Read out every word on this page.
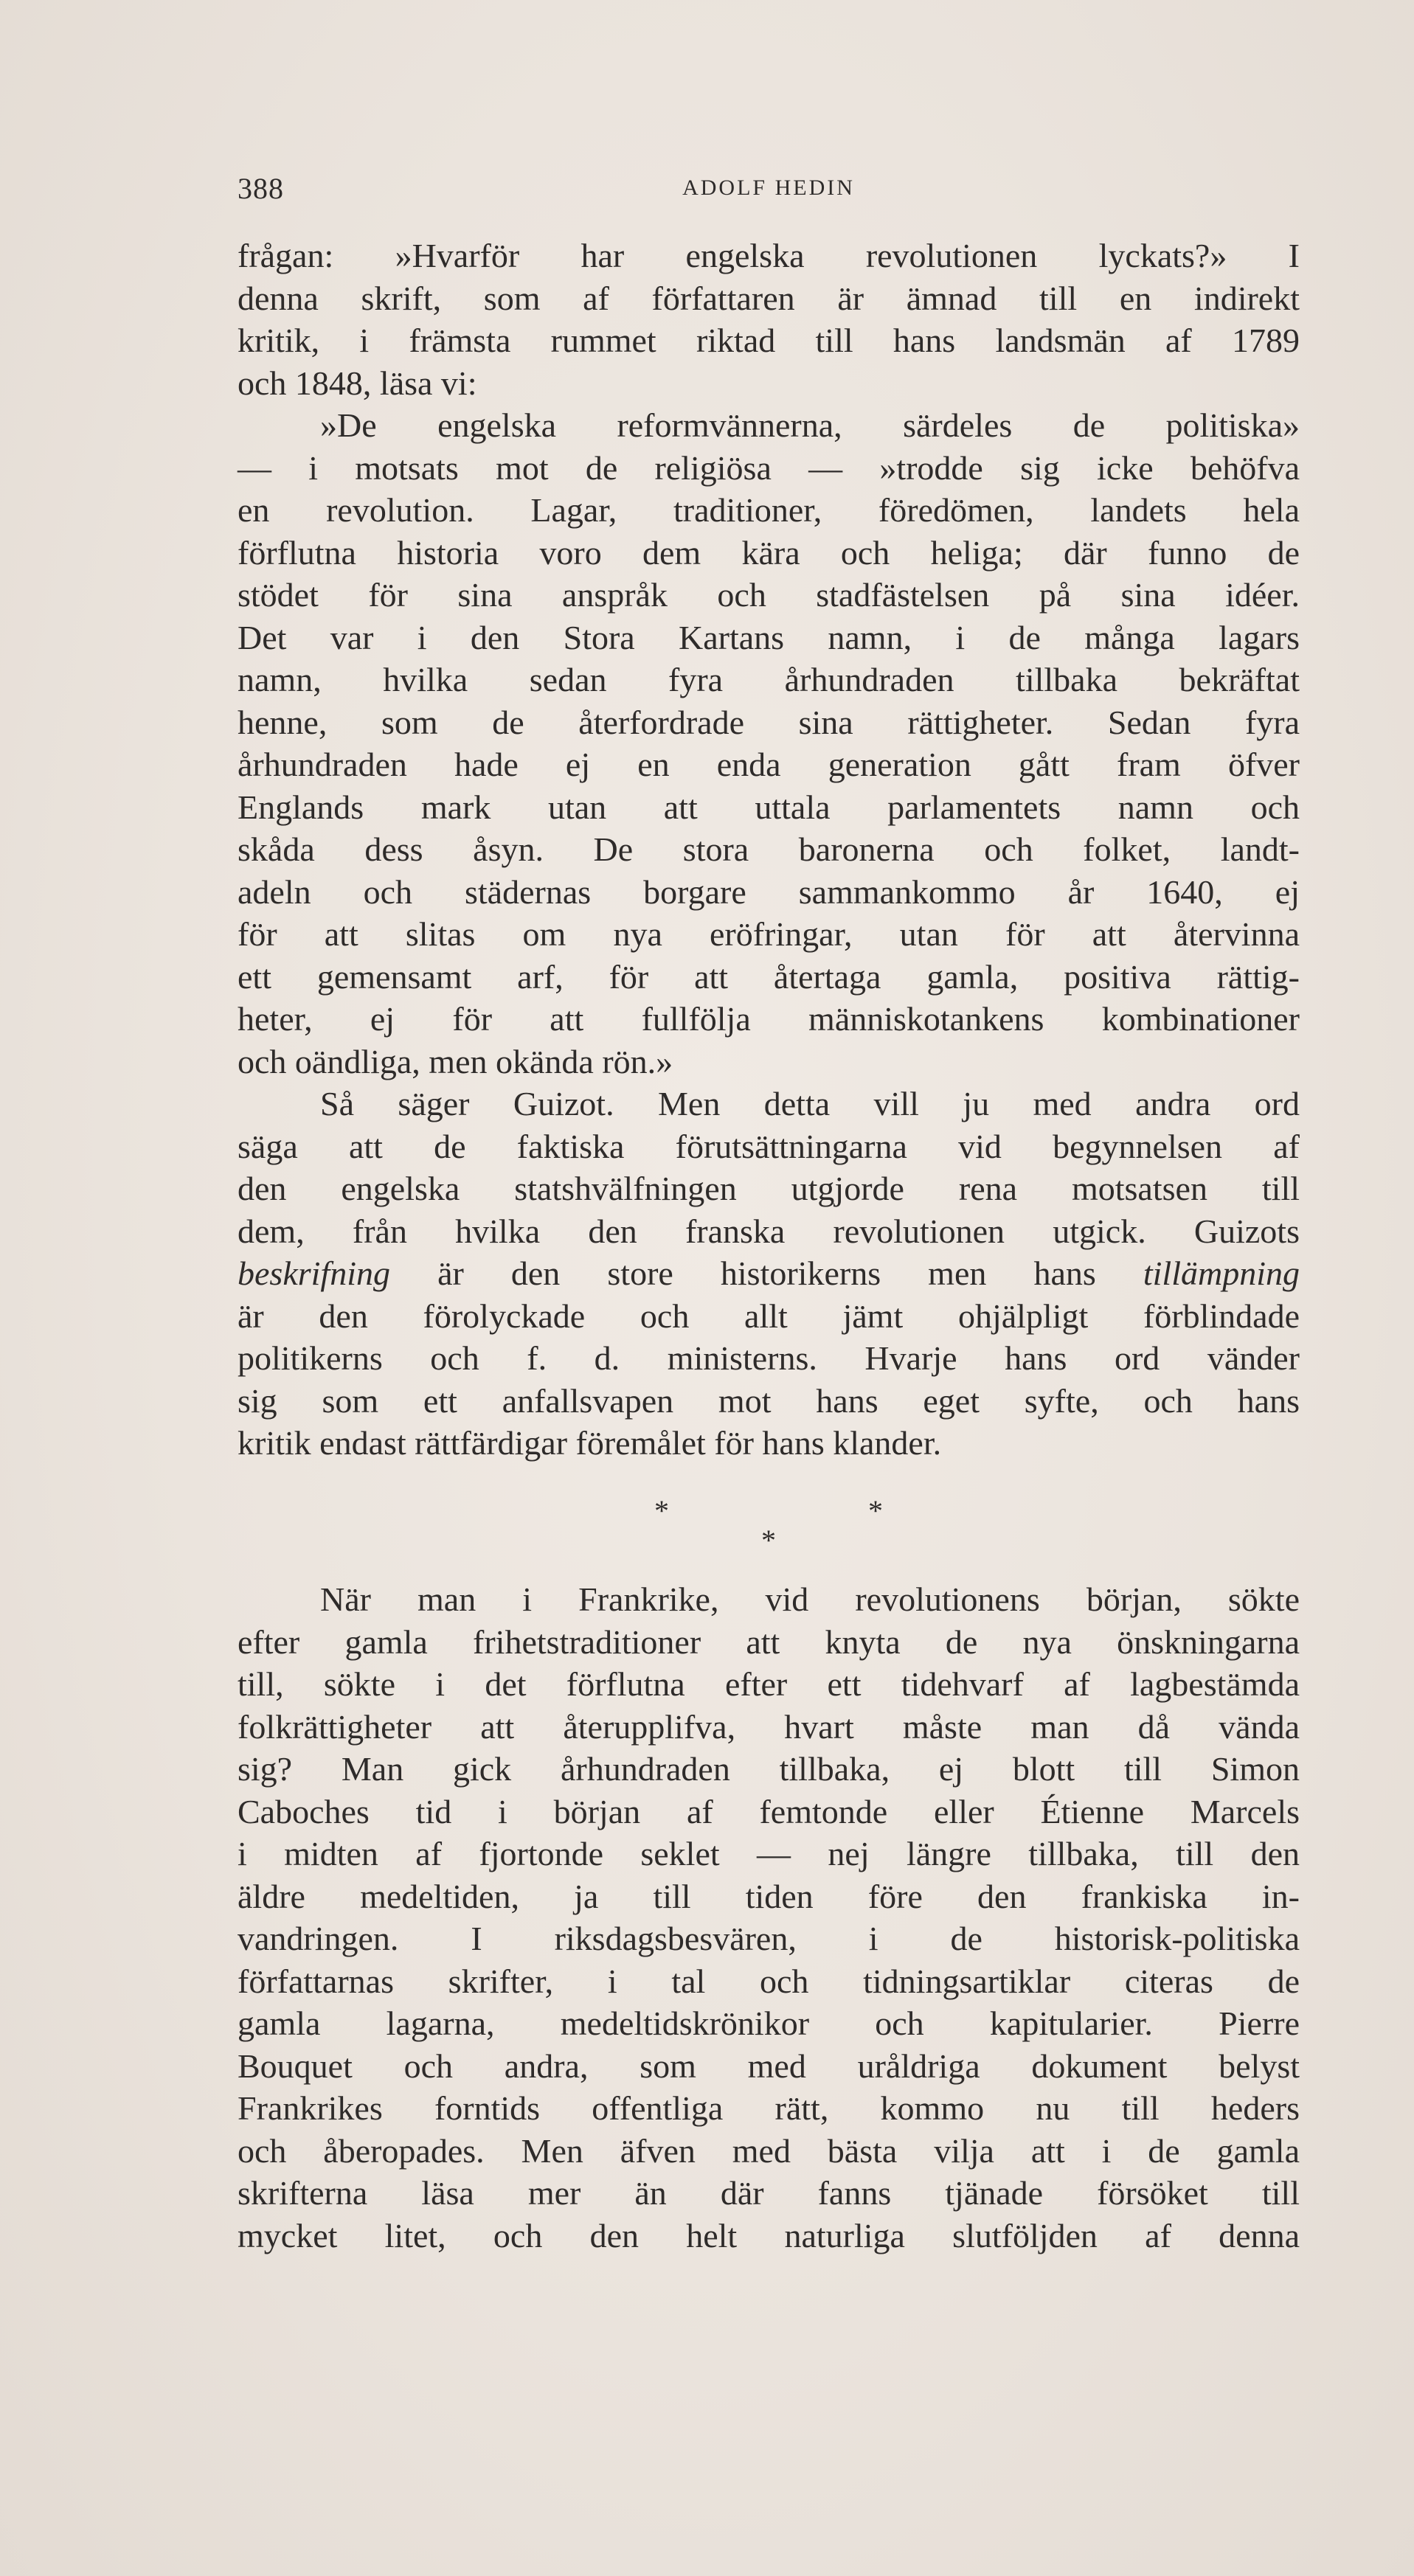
388	ADOLF HEDIN
frågan: »Hvarför har engelska revolutionen lyckats?» I
denna skrift, som af författaren är ämnad till en indirekt
kritik, i främsta rummet riktad till hans landsmän af 1789
och 1848, läsa vi:
»De engelska reformvännerna, särdeles de politiska»
— i motsats mot de religiösa — »trodde sig icke behöfva
en revolution. Lagar, traditioner, föredömen, landets hela
förflutna historia voro dem kära och heliga; där funno de
stödet för sina anspråk och stadfästelsen på sina idéer.
Det var i den Stora Kartans namn, i de många lagars
namn, hvilka sedan fyra århundraden tillbaka bekräftat
henne, som de återfordrade sina rättigheter. Sedan fyra
århundraden hade ej en enda generation gått fram öfver
Englands mark utan att uttala parlamentets namn och
skåda dess åsyn. De stora baronerna och folket, landt-
adeln och städernas borgare sammankommo år 1640, ej
för att slitas om nya eröfringar, utan för att återvinna
ett gemensamt arf, för att återtaga gamla, positiva rättig-
heter, ej för att fullfölja människotankens kombinationer
och oändliga, men okända rön.»
Så säger Guizot. Men detta vill ju med andra ord
säga att de faktiska förutsättningarna vid begynnelsen af
den engelska statshvälfningen utgjorde rena motsatsen till
dem, från hvilka den franska revolutionen utgick. Guizots
beskrifning är den store historikerns men hans tillämpning
är den förolyckade och allt jämt ohjälpligt förblindade
politikerns och f. d. ministerns. Hvarje hans ord vänder
sig som ett anfallsvapen mot hans eget syfte, och hans
kritik endast rättfärdigar föremålet för hans klander.
*	*
*
När man i Frankrike, vid revolutionens början, sökte
efter gamla frihetstraditioner att knyta de nya önskningarna
till, sökte i det förflutna efter ett tidehvarf af lagbestämda
folkrättigheter att återupplifva, hvart måste man då vända
sig? Man gick århundraden tillbaka, ej blott till Simon
Caboches tid i början af femtonde eller Étienne Marcels
i midten af fjortonde seklet — nej längre tillbaka, till den
äldre medeltiden, ja till tiden före den frankiska in-
vandringen. I riksdagsbesvären, i de historisk-politiska
författarnas skrifter, i tal och tidningsartiklar citeras de
gamla lagarna, medeltidskrönikor och kapitularier. Pierre
Bouquet och andra, som med uråldriga dokument belyst
Frankrikes forntids offentliga rätt, kommo nu till heders
och åberopades. Men äfven med bästa vilja att i de gamla
skrifterna läsa mer än där fanns tjänade försöket till
mycket litet, och den helt naturliga slutföljden af denna
